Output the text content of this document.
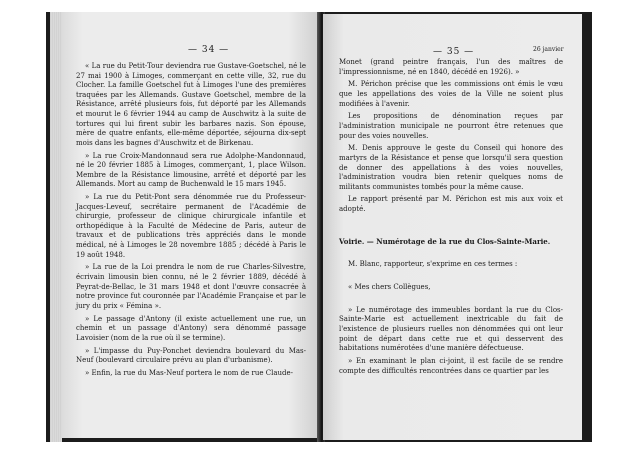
— 34 —

« La rue du Petit-Tour deviendra rue Gustave-Goetschel, né le 27 mai 1900 à Limoges, commerçant en cette ville, 32, rue du Clocher. La famille Goetschel fut à Limoges l'une des premières traquées par les Allemands. Gustave Goetschel, membre de la Résistance, arrêté plusieurs fois, fut déporté par les Allemands et mourut le 6 février 1944 au camp de Auschwitz à la suite de tortures qui lui firent subir les barbares nazis. Son épouse, mère de quatre enfants, elle-même déportée, séjourna dix-sept mois dans les bagnes d'Auschwitz et de Birkenau.

» La rue Croix-Mandonnaud sera rue Adolphe-Mandonnaud, né le 20 février 1885 à Limoges, commerçant, 1, place Wilson. Membre de la Résistance limousine, arrêté et déporté par les Allemands. Mort au camp de Buchenwald le 15 mars 1945.

» La rue du Petit-Pont sera dénommée rue du Professeur-Jacques-Leveuf, secrétaire permanent de l'Académie de chirurgie, professeur de clinique chirurgicale infantile et orthopédique à la Faculté de Médecine de Paris, auteur de travaux et de publications très appréciés dans le monde médical, né à Limoges le 28 novembre 1885 ; décédé à Paris le 19 août 1948.

» La rue de la Loi prendra le nom de rue Charles-Silvestre, écrivain limousin bien connu, né le 2 février 1889, décédé à Peyrat-de-Bellac, le 31 mars 1948 et dont l'œuvre consacrée à notre province fut couronnée par l'Académie Française et par le jury du prix « Fémina ».

» Le passage d'Antony (il existe actuellement une rue, un chemin et un passage d'Antony) sera dénommé passage Lavoisier (nom de la rue où il se termine).

» L'impasse du Puy-Ponchet deviendra boulevard du Mas-Neuf (boulevard circulaire prévu au plan d'urbanisme).

» Enfin, la rue du Mas-Neuf portera le nom de rue Claude-

— 35 —	26 janvier

Monet (grand peintre français, l'un des maîtres de l'impressionnisme, né en 1840, décédé en 1926). »

M. Périchon précise que les commissions ont émis le vœu que les appellations des voies de la Ville ne soient plus modifiées à l'avenir.

Les propositions de dénomination reçues par l'administration municipale ne pourront être retenues que pour des voies nouvelles.

M. Denis approuve le geste du Conseil qui honore des martyrs de la Résistance et pense que lorsqu'il sera question de donner des appellations à des voies nouvelles, l'administration voudra bien retenir quelques noms de militants communistes tombés pour la même cause.

Le rapport présenté par M. Périchon est mis aux voix et adopté.

Voirie. — Numérotage de la rue du Clos-Sainte-Marie.

M. Blanc, rapporteur, s'exprime en ces termes :

« Mes chers Collègues,

» Le numérotage des immeubles bordant la rue du Clos-Sainte-Marie est actuellement inextricable du fait de l'existence de plusieurs ruelles non dénommées qui ont leur point de départ dans cette rue et qui desservent des habitations numérotées d'une manière défectueuse.

» En examinant le plan ci-joint, il est facile de se rendre compte des difficultés rencontrées dans ce quartier par les
